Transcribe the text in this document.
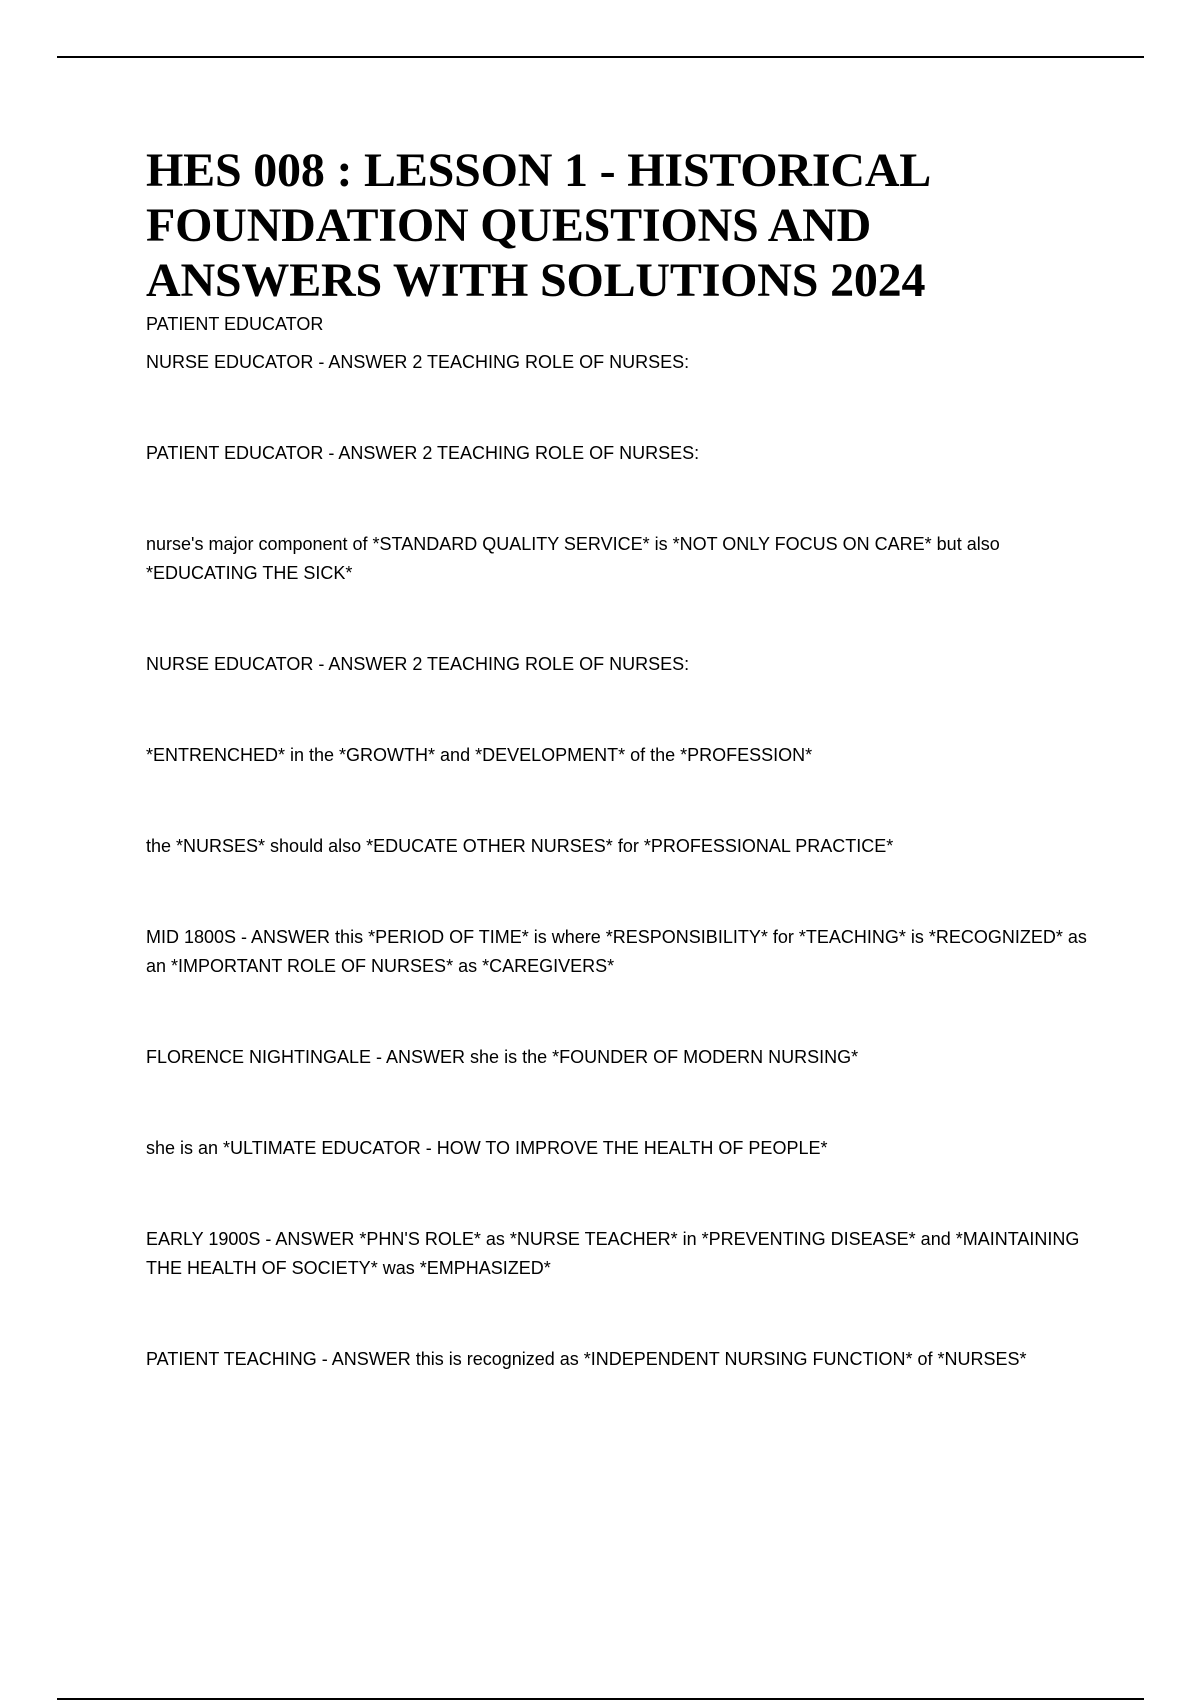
HES 008 : LESSON 1 - HISTORICAL FOUNDATION QUESTIONS AND ANSWERS WITH SOLUTIONS 2024

PATIENT EDUCATOR

NURSE EDUCATOR - ANSWER 2 TEACHING ROLE OF NURSES:
PATIENT EDUCATOR - ANSWER 2 TEACHING ROLE OF NURSES:
nurse's major component of *STANDARD QUALITY SERVICE* is *NOT ONLY FOCUS ON CARE* but also *EDUCATING THE SICK*
NURSE EDUCATOR - ANSWER 2 TEACHING ROLE OF NURSES:
*ENTRENCHED* in the *GROWTH* and *DEVELOPMENT* of the *PROFESSION*
the *NURSES* should also *EDUCATE OTHER NURSES* for *PROFESSIONAL PRACTICE*
MID 1800S - ANSWER this *PERIOD OF TIME* is where *RESPONSIBILITY* for *TEACHING* is *RECOGNIZED* as an *IMPORTANT ROLE OF NURSES* as *CAREGIVERS*
FLORENCE NIGHTINGALE - ANSWER she is the *FOUNDER OF MODERN NURSING*
she is an *ULTIMATE EDUCATOR - HOW TO IMPROVE THE HEALTH OF PEOPLE*
EARLY 1900S - ANSWER *PHN'S ROLE* as *NURSE TEACHER* in *PREVENTING DISEASE* and *MAINTAINING THE HEALTH OF SOCIETY* was *EMPHASIZED*
PATIENT TEACHING - ANSWER this is recognized as *INDEPENDENT NURSING FUNCTION* of *NURSES*
